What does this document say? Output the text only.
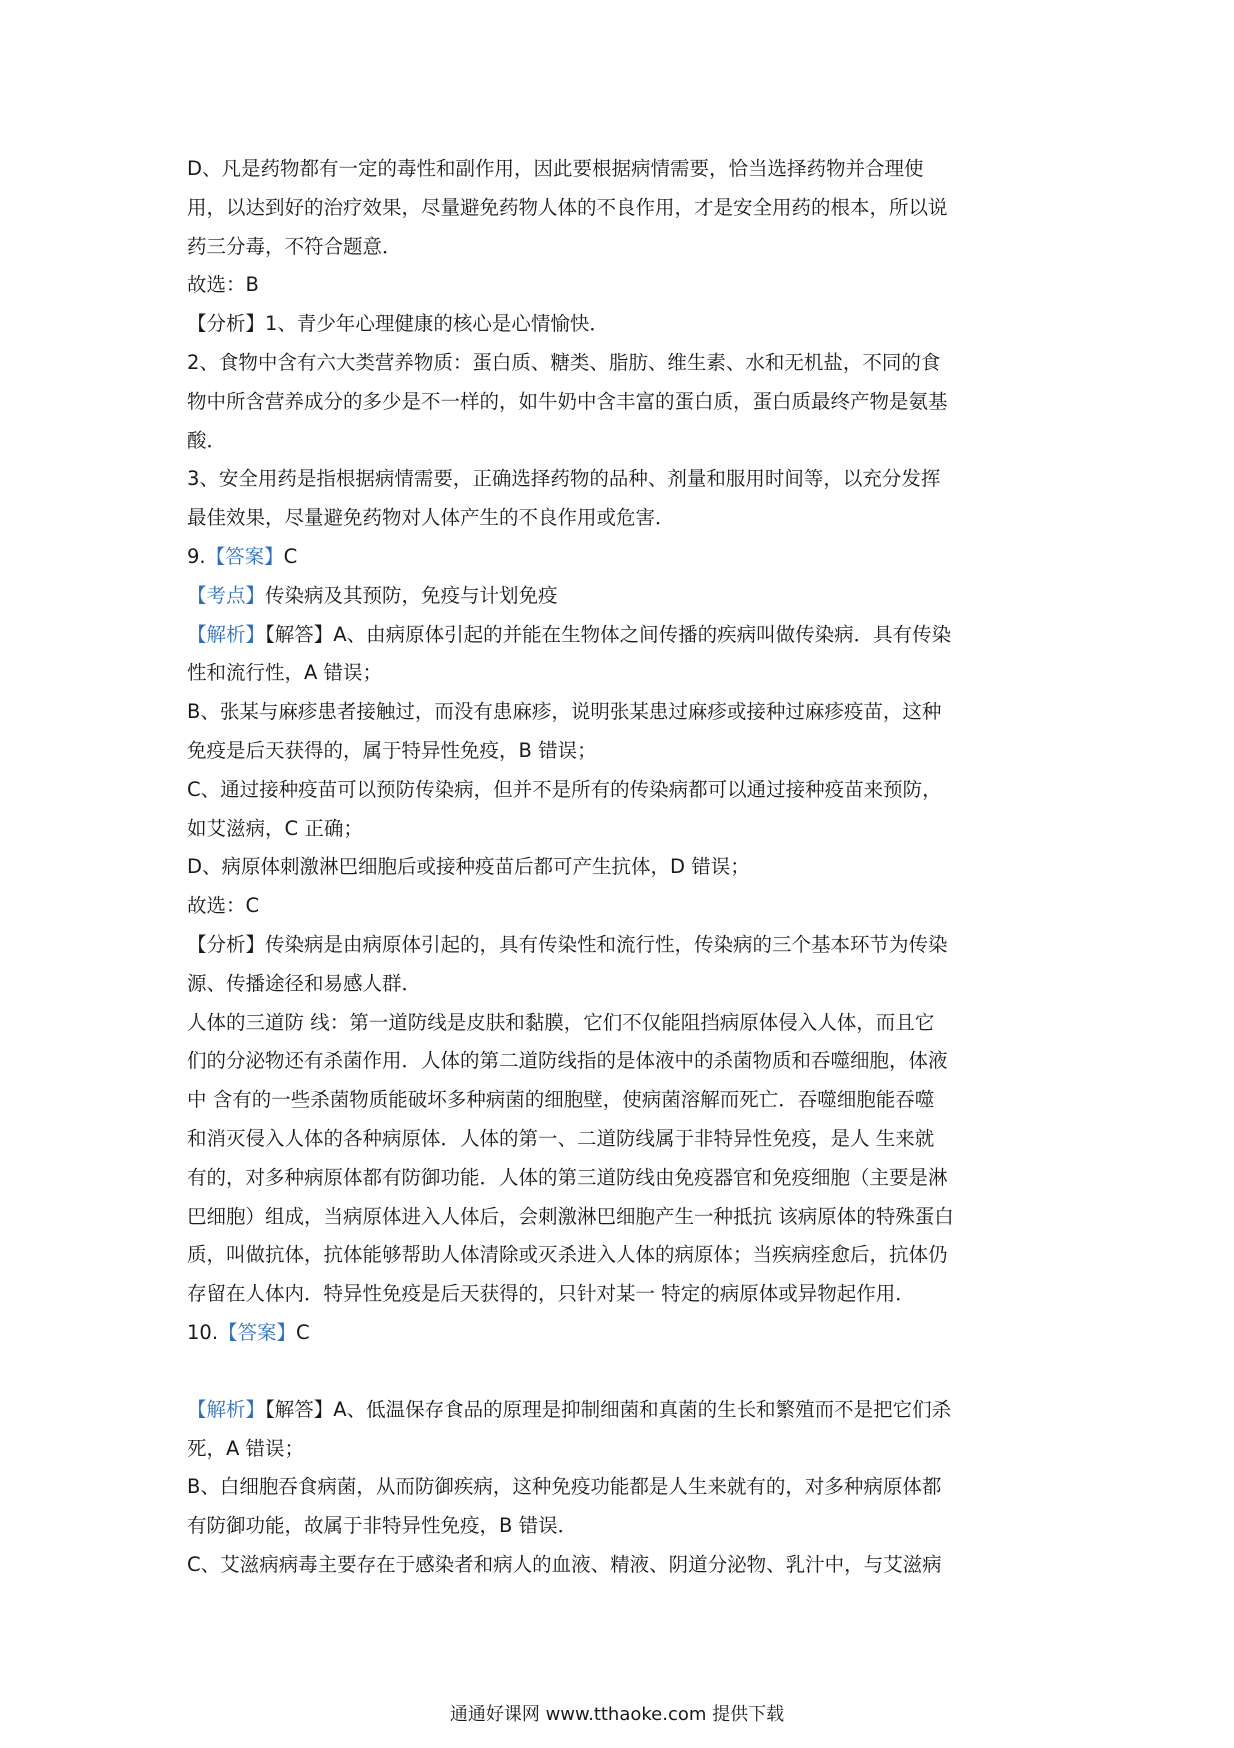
D、凡是药物都有一定的毒性和副作用，因此要根据病情需要，恰当选择药物并合理使
用，以达到好的治疗效果，尽量避免药物人体的不良作用，才是安全用药的根本，所以说
药三分毒，不符合题意．
故选：B
【分析】1、青少年心理健康的核心是心情愉快．
2、食物中含有六大类营养物质：蛋白质、糖类、脂肪、维生素、水和无机盐，不同的食
物中所含营养成分的多少是不一样的，如牛奶中含丰富的蛋白质，蛋白质最终产物是氨基
酸．
3、安全用药是指根据病情需要，正确选择药物的品种、剂量和服用时间等，以充分发挥
最佳效果，尽量避免药物对人体产生的不良作用或危害．
9.【答案】C
【考点】传染病及其预防，免疫与计划免疫
【解析】【解答】A、由病原体引起的并能在生物体之间传播的疾病叫做传染病．具有传染
性和流行性，A 错误；
B、张某与麻疹患者接触过，而没有患麻疹，说明张某患过麻疹或接种过麻疹疫苗，这种
免疫是后天获得的，属于特异性免疫，B 错误；
C、通过接种疫苗可以预防传染病，但并不是所有的传染病都可以通过接种疫苗来预防，
如艾滋病，C 正确；
D、病原体刺激淋巴细胞后或接种疫苗后都可产生抗体，D 错误；
故选：C
【分析】传染病是由病原体引起的，具有传染性和流行性，传染病的三个基本环节为传染
源、传播途径和易感人群．
人体的三道防 线：第一道防线是皮肤和黏膜，它们不仅能阻挡病原体侵入人体，而且它
们的分泌物还有杀菌作用．人体的第二道防线指的是体液中的杀菌物质和吞噬细胞，体液
中 含有的一些杀菌物质能破坏多种病菌的细胞壁，使病菌溶解而死亡．吞噬细胞能吞噬
和消灭侵入人体的各种病原体．人体的第一、二道防线属于非特异性免疫，是人 生来就
有的，对多种病原体都有防御功能．人体的第三道防线由免疫器官和免疫细胞（主要是淋
巴细胞）组成，当病原体进入人体后，会刺激淋巴细胞产生一种抵抗 该病原体的特殊蛋白
质，叫做抗体，抗体能够帮助人体清除或灭杀进入人体的病原体；当疾病痊愈后，抗体仍
存留在人体内．特异性免疫是后天获得的，只针对某一 特定的病原体或异物起作用．
10.【答案】C
【解析】【解答】A、低温保存食品的原理是抑制细菌和真菌的生长和繁殖而不是把它们杀
死，A 错误；
B、白细胞吞食病菌，从而防御疾病，这种免疫功能都是人生来就有的，对多种病原体都
有防御功能，故属于非特异性免疫，B 错误．
C、艾滋病病毒主要存在于感染者和病人的血液、精液、阴道分泌物、乳汁中，与艾滋病
通通好课网 www.tthaoke.com 提供下载
